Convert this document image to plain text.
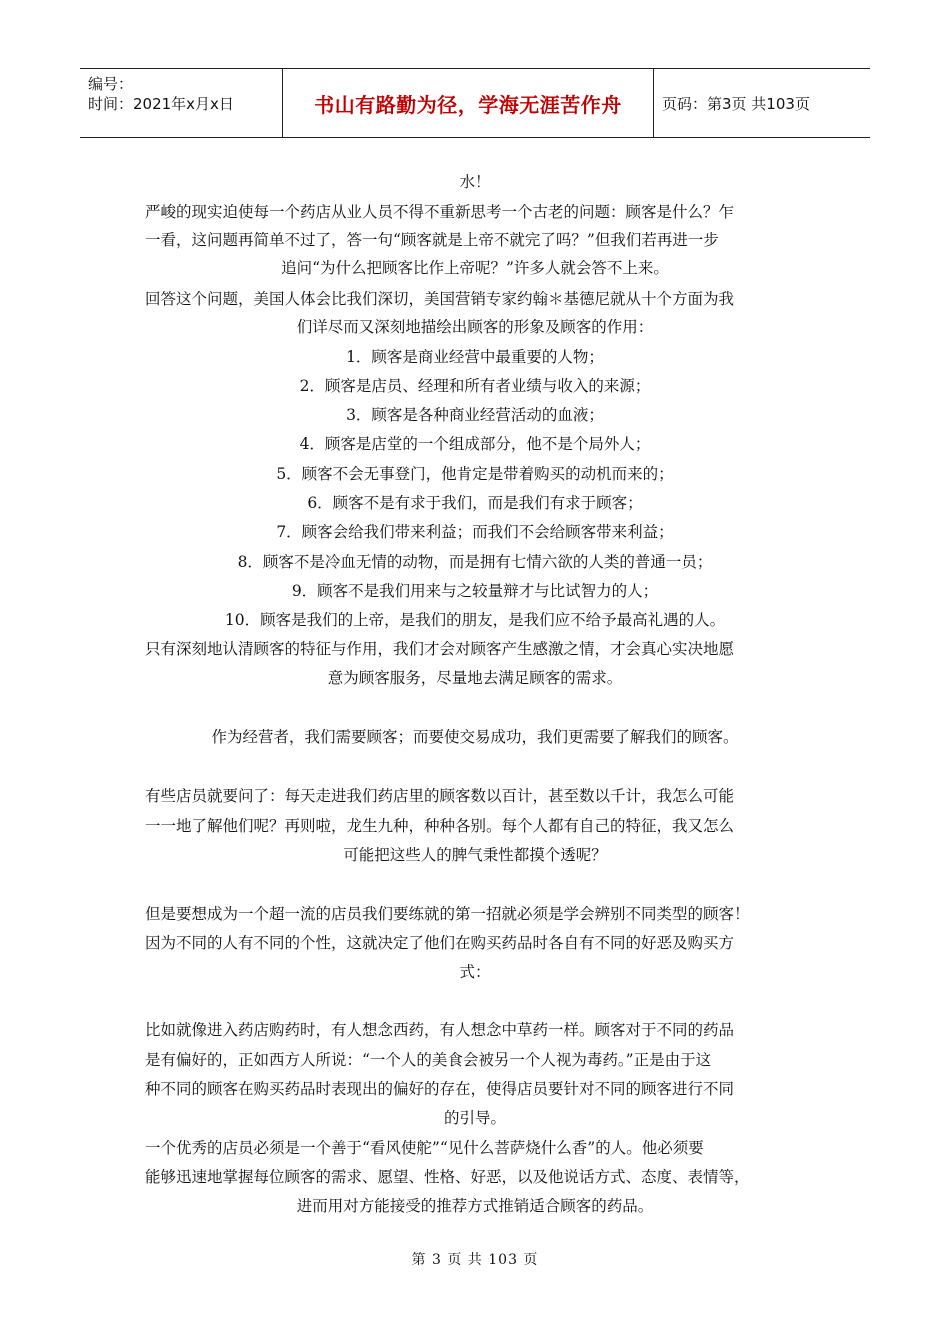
编号：
时间：2021年x月x日	书山有路勤为径，学海无涯苦作舟	页码：第3页 共103页
水！
严峻的现实迫使每一个药店从业人员不得不重新思考一个古老的问题：顾客是什么？乍
一看，这问题再简单不过了，答一句“顾客就是上帝不就完了吗？”但我们若再进一步
追问“为什么把顾客比作上帝呢？”许多人就会答不上来。
回答这个问题，美国人体会比我们深切，美国营销专家约翰＊基德尼就从十个方面为我
们详尽而又深刻地描绘出顾客的形象及顾客的作用：
1．顾客是商业经营中最重要的人物；
2．顾客是店员、经理和所有者业绩与收入的来源；
3．顾客是各种商业经营活动的血液；
4．顾客是店堂的一个组成部分，他不是个局外人；
5．顾客不会无事登门，他肯定是带着购买的动机而来的；
6．顾客不是有求于我们，而是我们有求于顾客；
7．顾客会给我们带来利益；而我们不会给顾客带来利益；
8．顾客不是冷血无情的动物，而是拥有七情六欲的人类的普通一员；
9．顾客不是我们用来与之较量辩才与比试智力的人；
10．顾客是我们的上帝，是我们的朋友，是我们应不给予最高礼遇的人。
只有深刻地认清顾客的特征与作用，我们才会对顾客产生感激之情，才会真心实决地愿
意为顾客服务，尽量地去满足顾客的需求。
作为经营者，我们需要顾客；而要使交易成功，我们更需要了解我们的顾客。
有些店员就要问了：每天走进我们药店里的顾客数以百计，甚至数以千计，我怎么可能
一一地了解他们呢？再则啦，龙生九种，种种各别。每个人都有自己的特征，我又怎么
可能把这些人的脾气秉性都摸个透呢？
但是要想成为一个超一流的店员我们要练就的第一招就必须是学会辨别不同类型的顾客！
因为不同的人有不同的个性，这就决定了他们在购买药品时各自有不同的好恶及购买方
式：
比如就像进入药店购药时，有人想念西药，有人想念中草药一样。顾客对于不同的药品
是有偏好的，正如西方人所说：“一个人的美食会被另一个人视为毒药。”正是由于这
种不同的顾客在购买药品时表现出的偏好的存在，使得店员要针对不同的顾客进行不同
的引导。
一个优秀的店员必须是一个善于“看风使舵”“见什么菩萨烧什么香”的人。他必须要
能够迅速地掌握每位顾客的需求、愿望、性格、好恶，以及他说话方式、态度、表情等，
进而用对方能接受的推荐方式推销适合顾客的药品。
第 3 页 共 103 页
